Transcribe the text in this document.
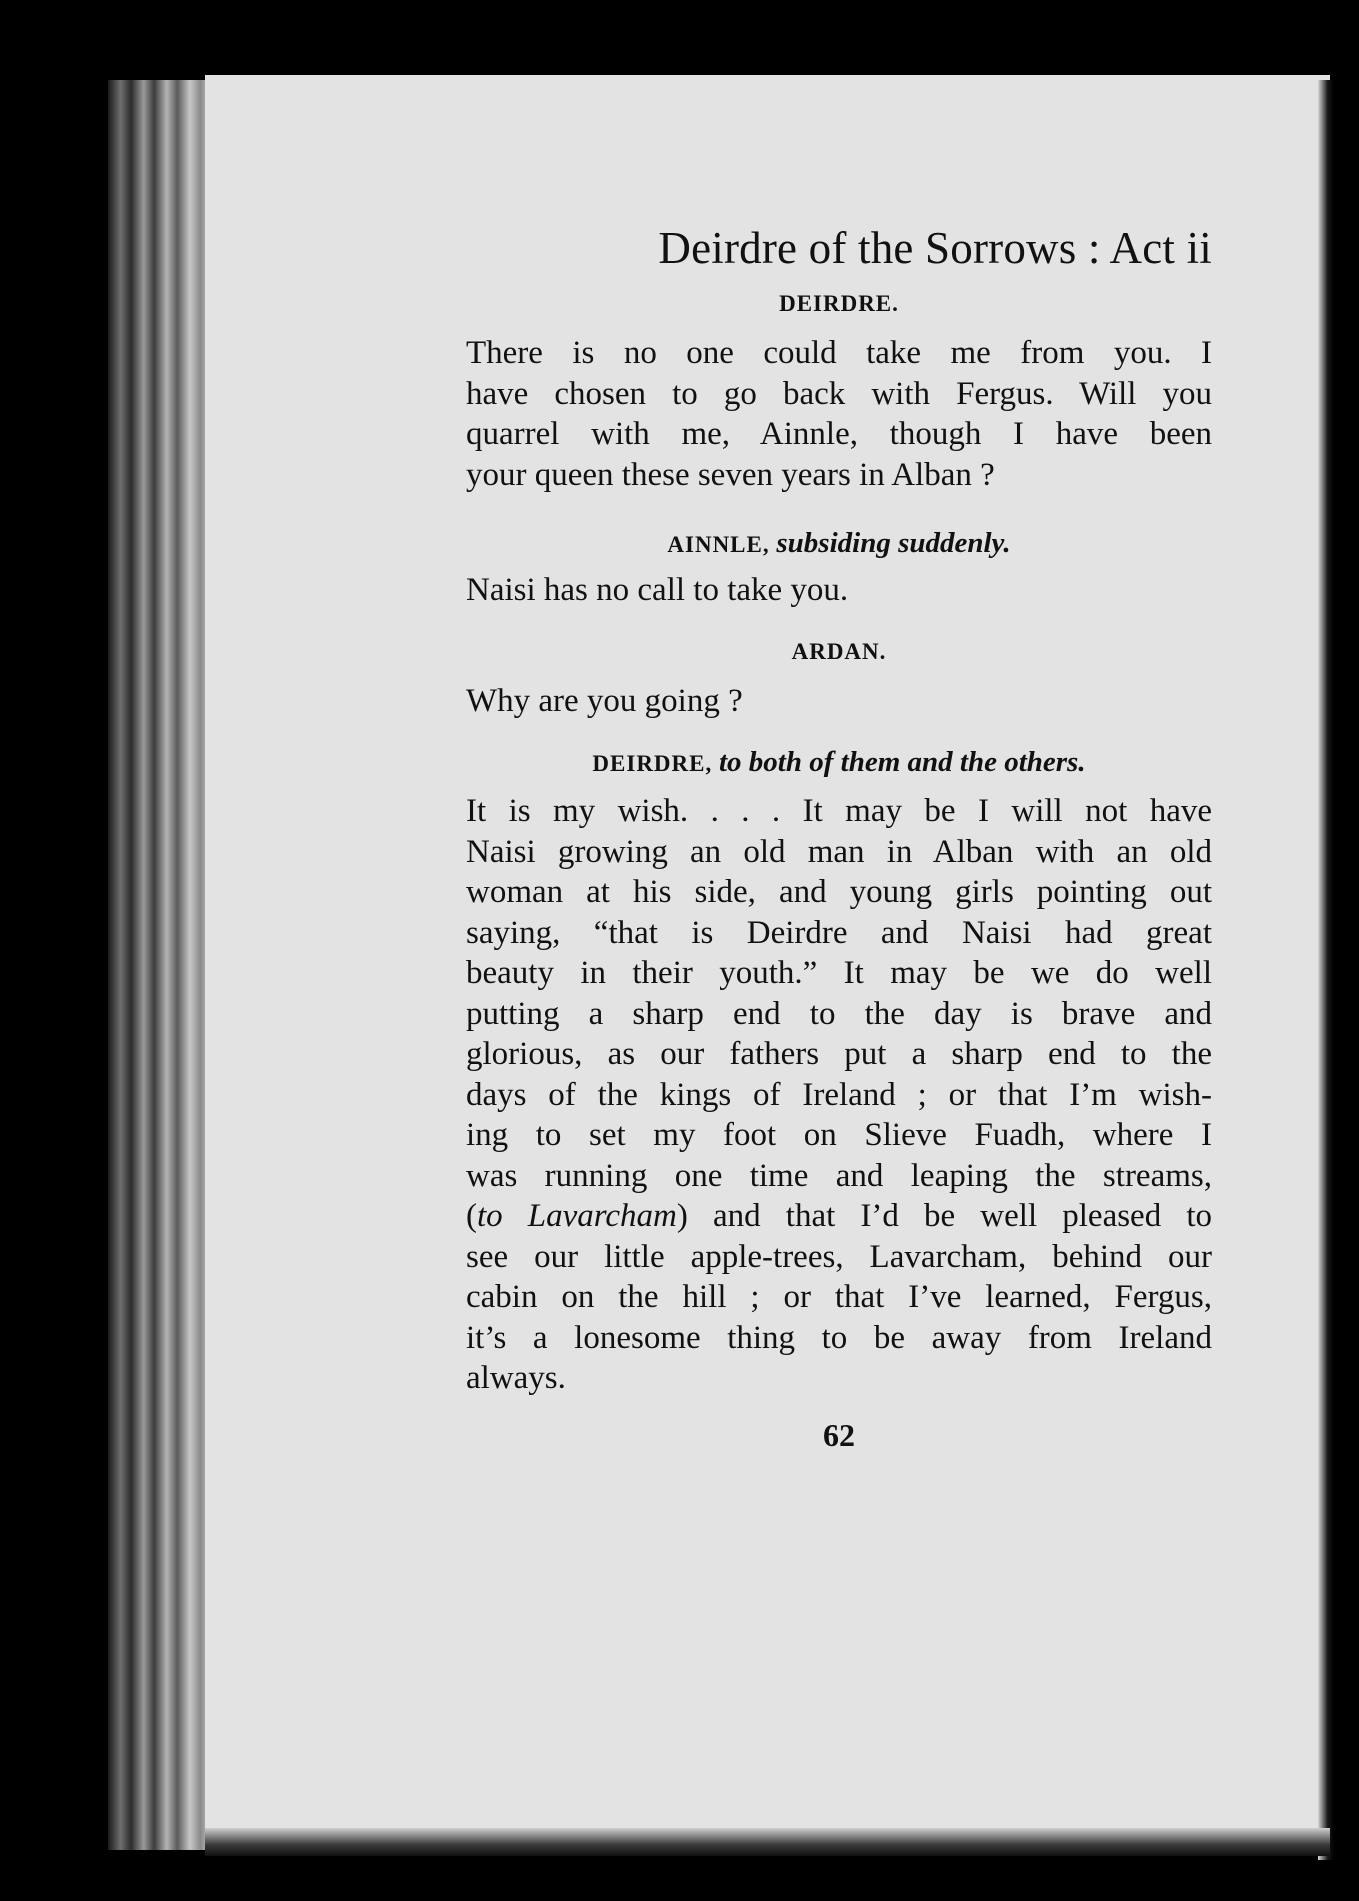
Deirdre of the Sorrows : Act ii

DEIRDRE.

There is no one could take me from you. I
have chosen to go back with Fergus. Will you
quarrel with me, Ainnle, though I have been
your queen these seven years in Alban ?

AINNLE, subsiding suddenly.

Naisi has no call to take you.

ARDAN.

Why are you going ?

DEIRDRE, to both of them and the others.

It is my wish. . . . It may be I will not have
Naisi growing an old man in Alban with an old
woman at his side, and young girls pointing out
saying, “that is Deirdre and Naisi had great
beauty in their youth.” It may be we do well
putting a sharp end to the day is brave and
glorious, as our fathers put a sharp end to the
days of the kings of Ireland ; or that I’m wish-
ing to set my foot on Slieve Fuadh, where I
was running one time and leaping the streams,
(to Lavarcham) and that I’d be well pleased to
see our little apple-trees, Lavarcham, behind our
cabin on the hill ; or that I’ve learned, Fergus,
it’s a lonesome thing to be away from Ireland
always.

62
